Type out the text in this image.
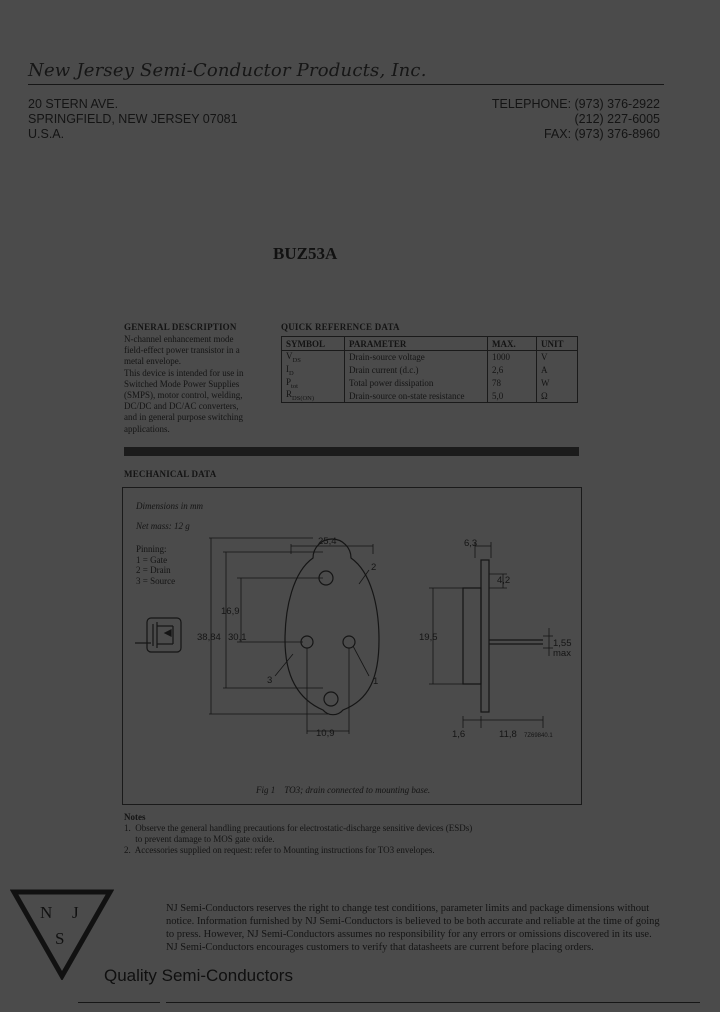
New Jersey Semi-Conductor Products, Inc.
20 STERN AVE.
SPRINGFIELD, NEW JERSEY 07081
U.S.A.
TELEPHONE: (973) 376-2922
(212) 227-6005
FAX: (973) 376-8960
BUZ53A
GENERAL DESCRIPTION
N-channel enhancement mode
field-effect power transistor in a
metal envelope.
This device is intended for use in
Switched Mode Power Supplies
(SMPS), motor control, welding,
DC/DC and DC/AC converters,
and in general purpose switching
applications.
QUICK REFERENCE DATA
SYMBOL	PARAMETER	MAX.	UNIT
$V_{DS}$	Drain-source voltage	1000	V
$I_D$	Drain current (d.c.)	2,6	A
$P_{tot}$	Total power dissipation	78	W
$R_{DS(ON)}$	Drain-source on-state resistance	5,0	Ω
MECHANICAL DATA
Dimensions in mm
Net mass: 12 g
Pinning:
1 = Gate
2 = Drain
3 = Source
25,4
16,9
38,84 30,1
10,9
2
1
3
6,3
4,2
19,5
1,55
max
1,6	11,8 7Z69840.1
Fig 1 TO3; drain connected to mounting base.
Notes
1.  Observe the general handling precautions for electrostatic-discharge sensitive devices (ESDs)
to prevent damage to MOS gate oxide.
2.  Accessories supplied on request: refer to Mounting instructions for TO3 envelopes.
N J
S
Quality Semi-Conductors
NJ Semi-Conductors reserves the right to change test conditions, parameter limits and package dimensions without
notice. Information furnished by NJ Semi-Conductors is believed to be both accurate and reliable at the time of going
to press. However, NJ Semi-Conductors assumes no responsibility for any errors or omissions discovered in its use.
NJ Semi-Conductors encourages customers to verify that datasheets are current before placing orders.
